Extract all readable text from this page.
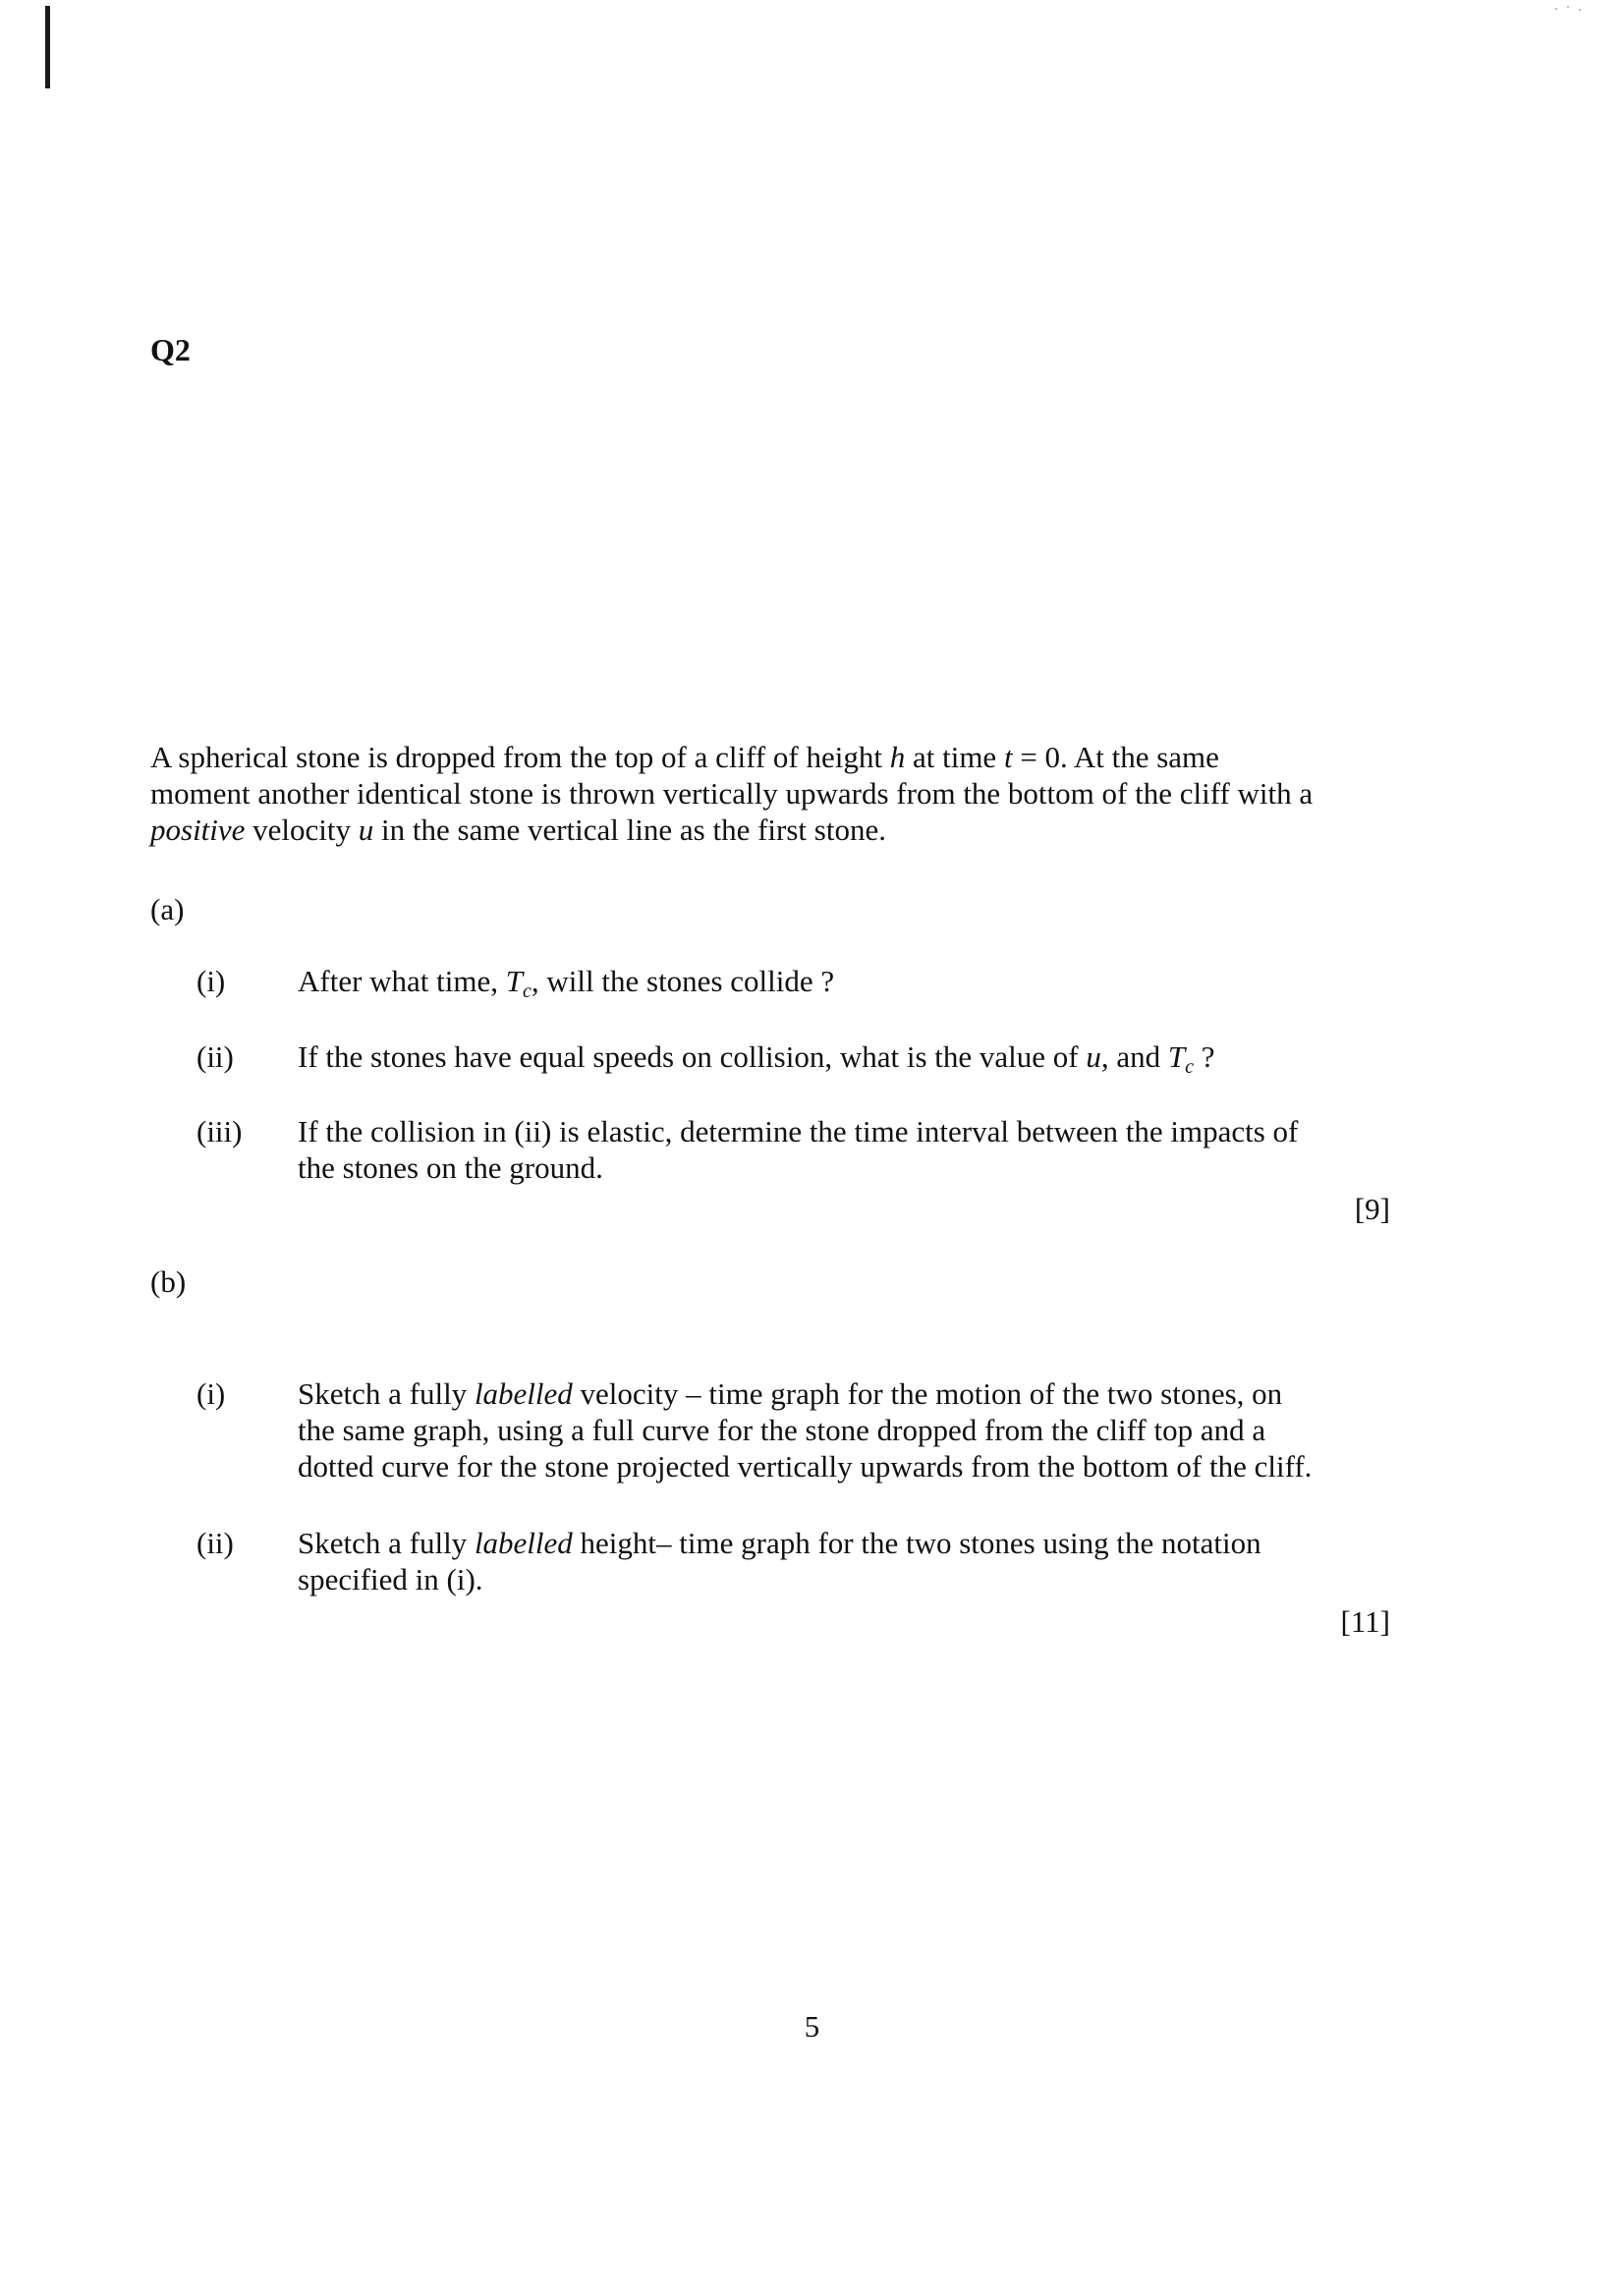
Q2

A spherical stone is dropped from the top of a cliff of height h at time t = 0. At the same

moment another identical stone is thrown vertically upwards from the bottom of the cliff with a

positive velocity u in the same vertical line as the first stone.

(a)
(i)	After what time, $T_c$, will the stones collide ?

(ii)	If the stones have equal speeds on collision, what is the value of u, and $T_c$ ?

(iii)	If the collision in (ii) is elastic, determine the time interval between the impacts of

the stones on the ground.

[9]
(b)
(i)	Sketch a fully labelled velocity – time graph for the motion of the two stones, on

the same graph, using a full curve for the stone dropped from the cliff top and a

dotted curve for the stone projected vertically upwards from the bottom of the cliff.

(ii)	Sketch a fully labelled height– time graph for the two stones using the notation

specified in (i).

[11]
5
